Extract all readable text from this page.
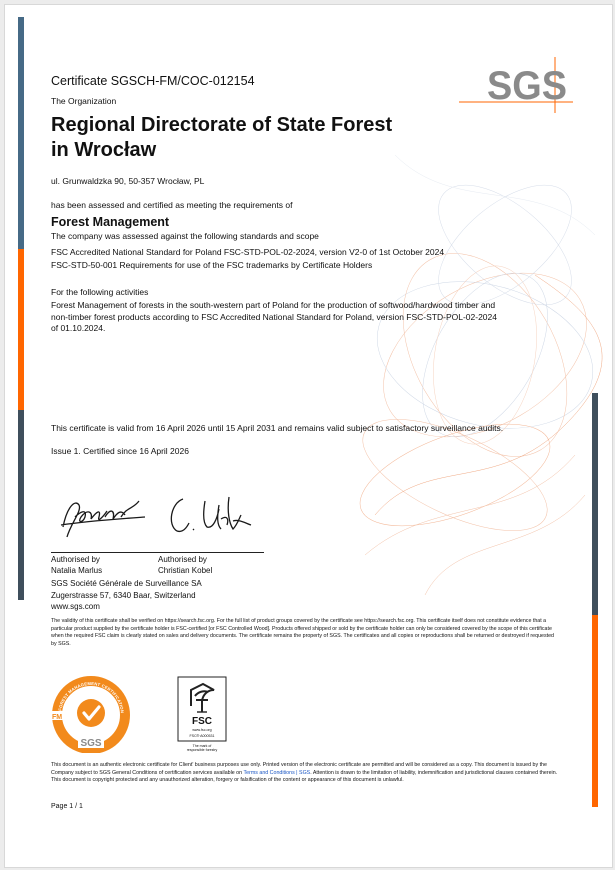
SGS
Certificate SGSCH-FM/COC-012154
The Organization
Regional Directorate of State Forest
in Wrocław
ul. Grunwaldzka 90, 50-357 Wrocław, PL
has been assessed and certified as meeting the requirements of
Forest Management
The company was assessed against the following standards and scope
FSC Accredited National Standard for Poland FSC-STD-POL-02-2024, version V2-0 of 1st October 2024
FSC-STD-50-001 Requirements for use of the FSC trademarks by Certificate Holders
For the following activities
Forest Management of forests in the south-western part of Poland for the production of softwood/hardwood timber and non-timber forest products according to FSC Accredited National Standard for Poland, version FSC-STD-POL-02-2024 of 01.10.2024.
This certificate is valid from 16 April 2026 until 15 April 2031 and remains valid subject to satisfactory surveillance audits.
Issue 1. Certified since 16 April 2026
Authorised by
Natalia Marlus
Authorised by
Christian Kobel
SGS Société Générale de Surveillance SA
Zugerstrasse 57, 6340 Baar, Switzerland
www.sgs.com
The validity of this certificate shall be verified on https://search.fsc.org. For the full list of product groups covered by the certificate see https://search.fsc.org. This certificate itself does not constitute evidence that a particular product supplied by the certificate holder is FSC-certified [or FSC Controlled Wood]. Products offered shipped or sold by the certificate holder can only be considered covered by the scope of this certificate when the required FSC claim is clearly stated on sales and delivery documents. The certificate remains the property of SGS. The certificates and all copies or reproductions shall be returned or destroyed if requested by SGS.
FOREST MANAGEMENT CERTIFICATION
FM
SGS
FSC
www.fsc.org
FSC® A000531
The mark of
responsible forestry
This document is an authentic electronic certificate for Client' business purposes use only. Printed version of the electronic certificate are permitted and will be considered as a copy. This document is issued by the Company subject to SGS General Conditions of certification services available on Terms and Conditions | SGS. Attention is drawn to the limitation of liability, indemnification and jurisdictional clauses contained therein. This document is copyright protected and any unauthorized alteration, forgery or falsification of the content or appearance of this document is unlawful.
Page 1 / 1
